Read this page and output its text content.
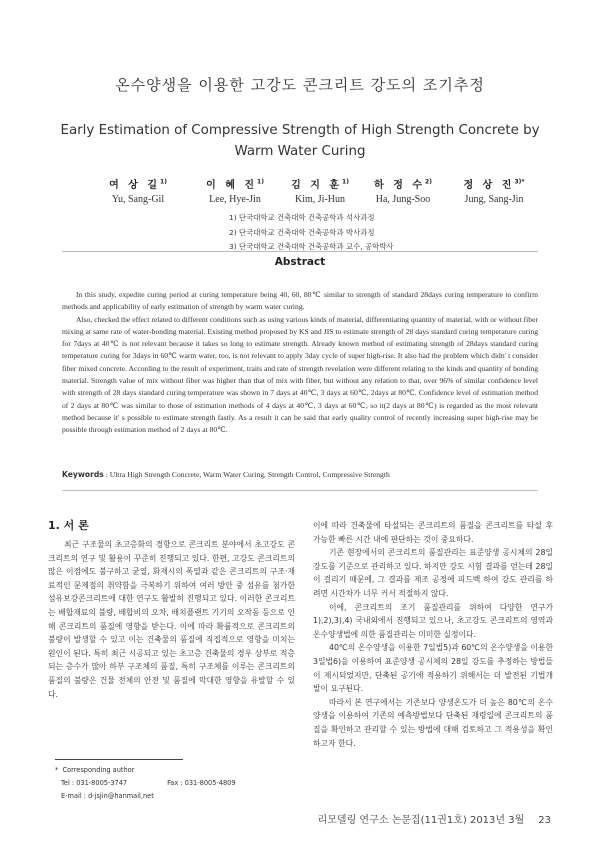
온수양생을 이용한 고강도 콘크리트 강도의 조기추정
Early Estimation of Compressive Strength of High Strength Concrete by Warm Water Curing
여 상 길$^{1)}$
Yu, Sang-Gil
이 혜 진$^{1)}$
Lee, Hye-Jin
김 지 훈$^{1)}$
Kim, Ji-Hun
하 정 수$^{2)}$
Ha, Jung-Soo
정 상 진$^{3)*}$
Jung, Sang-Jin
1) 단국대학교 건축대학 건축공학과 석사과정
2) 단국대학교 건축대학 건축공학과 박사과정
3) 단국대학교 건축대학 건축공학과 교수, 공학박사
Abstract

In this study, expedite curing period at curing temperature being 40, 60, 80℃ similar to strength of standard 28days curing temperature to confirm methods and applicability of early estimation of strength by warm water curing.

Also, checked the effect related to different conditions such as using various kinds of material, differentiating quantity of material, with or without fiber mixing at same rate of water-bonding material. Existing method proposed by KS and JIS to estimate strength of 28 days standard curing temperature curing for 7days at 40℃ is not relevant because it takes so long to estimate strength. Already known method of estimating strength of 28days standard curing temperature curing for 3days in 60℃ warm water, too, is not relevant to apply 3day cycle of super high-rise. It also had the problem which didn' t consider fiber mixed concrete. According to the result of experiment, traits and rate of strength revelation were different relating to the kinds and quantity of bonding material. Strength value of mix without fiber was higher than that of mix with fiber, but without any relation to that, over 96% of similar confidence level with strength of 28 days standard curing temperature was shown in 7 days at 40℃, 3 days at 60℃, 2days at 80℃. Confidence level of estimation method of 2 days at 80℃ was similar to those of estimation methods of 4 days at 40℃, 3 days at 60℃, so it(2 days at 80℃) is regarded as the most relevant method because it' s possible to estimate strength fastly. As a result it can be said that early quality control of recently increasing super high-rise may be possible through estimation method of 2 days at 80℃.

Keywords : Ultra High Strength Concrete, Warm Water Curing, Strength Control, Compressive Strength
1. 서 론

최근 구조물의 초고층화의 경향으로 콘크리트 분야에서 초고강도 콘크리트의 연구 및 활용이 꾸준히 진행되고 있다. 한편, 고강도 콘크리트의 많은 이점에도 불구하고 균열, 화재시의 폭열과 같은 콘크리트의 구조·재료적인 문제점의 취약함을 극복하기 위하여 여러 방안 중 섬유를 첨가한 섬유보강콘크리트에 대한 연구도 활발히 진행되고 있다. 이러한 콘크리트는 배합재료의 불량, 배합비의 오차, 배치플랜트 기기의 오작동 등으로 인해 콘크리트의 품질에 영향을 받는다. 이에 따라 확률적으로 콘크리트의 불량이 발생할 수 있고 이는 건축물의 품질에 직접적으로 영향을 미치는 원인이 된다. 특히 최근 시공되고 있는 초고층 건축물의 경우 상부로 적층되는 층수가 많아 하부 구조체의 품질, 특히 구조체를 이루는 콘크리트의 품질의 불량은 건물 전체의 안전 및 품질에 막대한 영향을 유발할 수 있다.

이에 따라 건축물에 타설되는 콘크리트의 품질을 콘크리트를 타설 후 가능한 빠른 시간 내에 판단하는 것이 중요하다.

기존 현장에서의 콘크리트의 품질관리는 표준양생 공시체의 28일 강도를 기준으로 관리하고 있다. 하지만 강도 시험 결과를 얻는데 28일이 걸리기 때문에, 그 결과를 제조 공정에 피드백 하여 강도 관리를 하려면 시간차가 너무 커서 적절하지 않다.

이에, 콘크리트의 조기 품질관리를 위하여 다양한 연구가 1),2),3),4) 국내외에서 진행되고 있으나, 초고강도 콘크리트의 영역과 온수양생법에 의한 품질관리는 미미한 실정이다.

40℃의 온수양생을 이용한 7일법5)과 60℃의 온수양생을 이용한 3일법6)을 이용하여 표준양생 공시체의 28일 강도를 추정하는 방법들이 제시되었지만, 단축된 공기에 적용하기 위해서는 더 발전된 기법개발이 요구된다.

따라서 본 연구에서는 기존보다 양생온도가 더 높은 80℃의 온수양생을 이용하여 기존의 예측방법보다 단축된 재령일에 콘크리트의 품질을 확인하고 관리할 수 있는 방법에 대해 검토하고 그 적용성을 확인하고자 한다.

* Corresponding author
Tel : 031-8005-3747	Fax : 031-8005-4809
E-mail : d-jsjin@hanmail,net
리모델링 연구소 논문집(11권1호) 2013년 3월 23
